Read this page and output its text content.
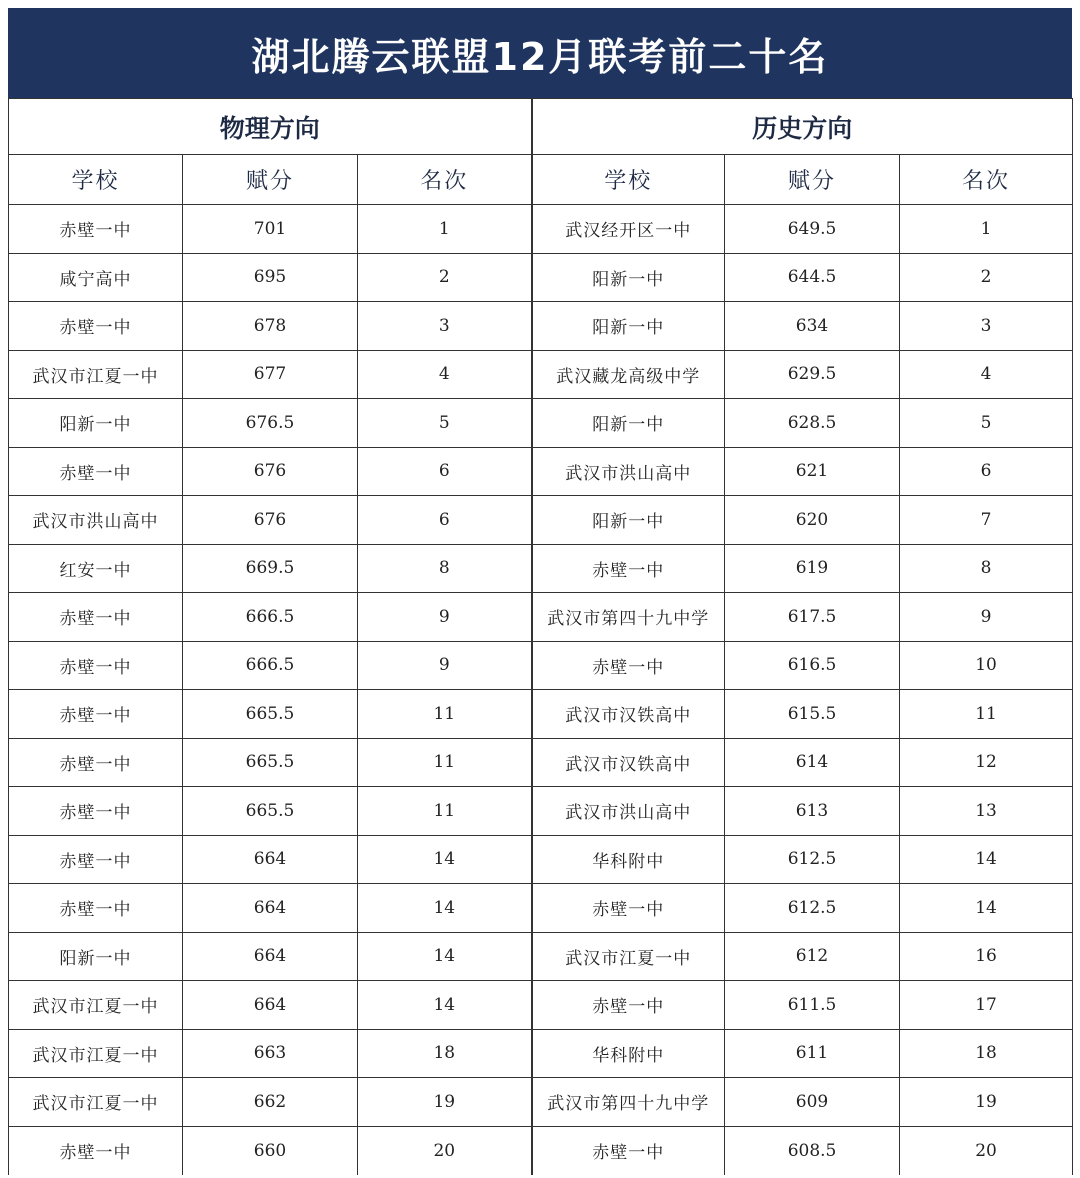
湖北腾云联盟12月联考前二十名
物理方向			历史方向		
学校	赋分	名次	学校	赋分	名次
赤壁一中	701	1	武汉经开区一中	649.5	1
咸宁高中	695	2	阳新一中	644.5	2
赤壁一中	678	3	阳新一中	634	3
武汉市江夏一中	677	4	武汉藏龙高级中学	629.5	4
阳新一中	676.5	5	阳新一中	628.5	5
赤壁一中	676	6	武汉市洪山高中	621	6
武汉市洪山高中	676	6	阳新一中	620	7
红安一中	669.5	8	赤壁一中	619	8
赤壁一中	666.5	9	武汉市第四十九中学	617.5	9
赤壁一中	666.5	9	赤壁一中	616.5	10
赤壁一中	665.5	11	武汉市汉铁高中	615.5	11
赤壁一中	665.5	11	武汉市汉铁高中	614	12
赤壁一中	665.5	11	武汉市洪山高中	613	13
赤壁一中	664	14	华科附中	612.5	14
赤壁一中	664	14	赤壁一中	612.5	14
阳新一中	664	14	武汉市江夏一中	612	16
武汉市江夏一中	664	14	赤壁一中	611.5	17
武汉市江夏一中	663	18	华科附中	611	18
武汉市江夏一中	662	19	武汉市第四十九中学	609	19
赤壁一中	660	20	赤壁一中	608.5	20
